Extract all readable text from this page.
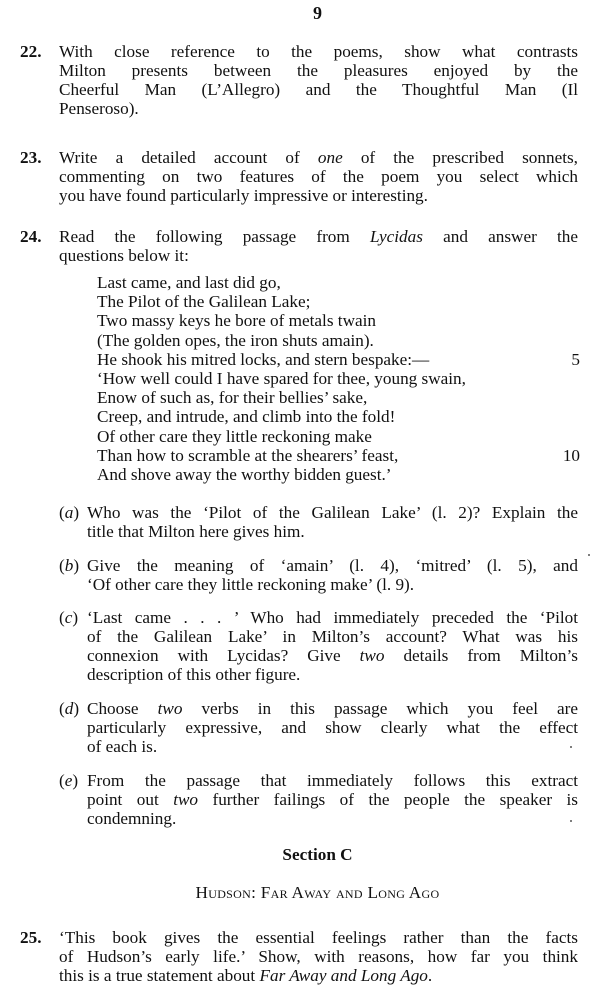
9
22. With close reference to the poems, show what contrasts
Milton presents between the pleasures enjoyed by the
Cheerful Man (L’Allegro) and the Thoughtful Man (Il
Penseroso).
23. Write a detailed account of one of the prescribed sonnets,
commenting on two features of the poem you select which
you have found particularly impressive or interesting.
24. Read the following passage from Lycidas and answer the
questions below it:
Last came, and last did go,
The Pilot of the Galilean Lake;
Two massy keys he bore of metals twain
(The golden opes, the iron shuts amain).
He shook his mitred locks, and stern bespake:—	5
‘How well could I have spared for thee, young swain,
Enow of such as, for their bellies’ sake,
Creep, and intrude, and climb into the fold!
Of other care they little reckoning make
Than how to scramble at the shearers’ feast,	10
And shove away the worthy bidden guest.’
(a) Who was the ‘Pilot of the Galilean Lake’ (l. 2)? Explain the
title that Milton here gives him.
(b) Give the meaning of ‘amain’ (l. 4), ‘mitred’ (l. 5), and
‘Of other care they little reckoning make’ (l. 9).
(c) ‘Last came . . . ’ Who had immediately preceded the ‘Pilot
of the Galilean Lake’ in Milton’s account? What was his
connexion with Lycidas? Give two details from Milton’s
description of this other figure.
(d) Choose two verbs in this passage which you feel are
particularly expressive, and show clearly what the effect
of each is.
(e) From the passage that immediately follows this extract
point out two further failings of the people the speaker is
condemning.
Section C
Hudson: Far Away and Long Ago
25. ‘This book gives the essential feelings rather than the facts
of Hudson’s early life.’ Show, with reasons, how far you think
this is a true statement about Far Away and Long Ago.
